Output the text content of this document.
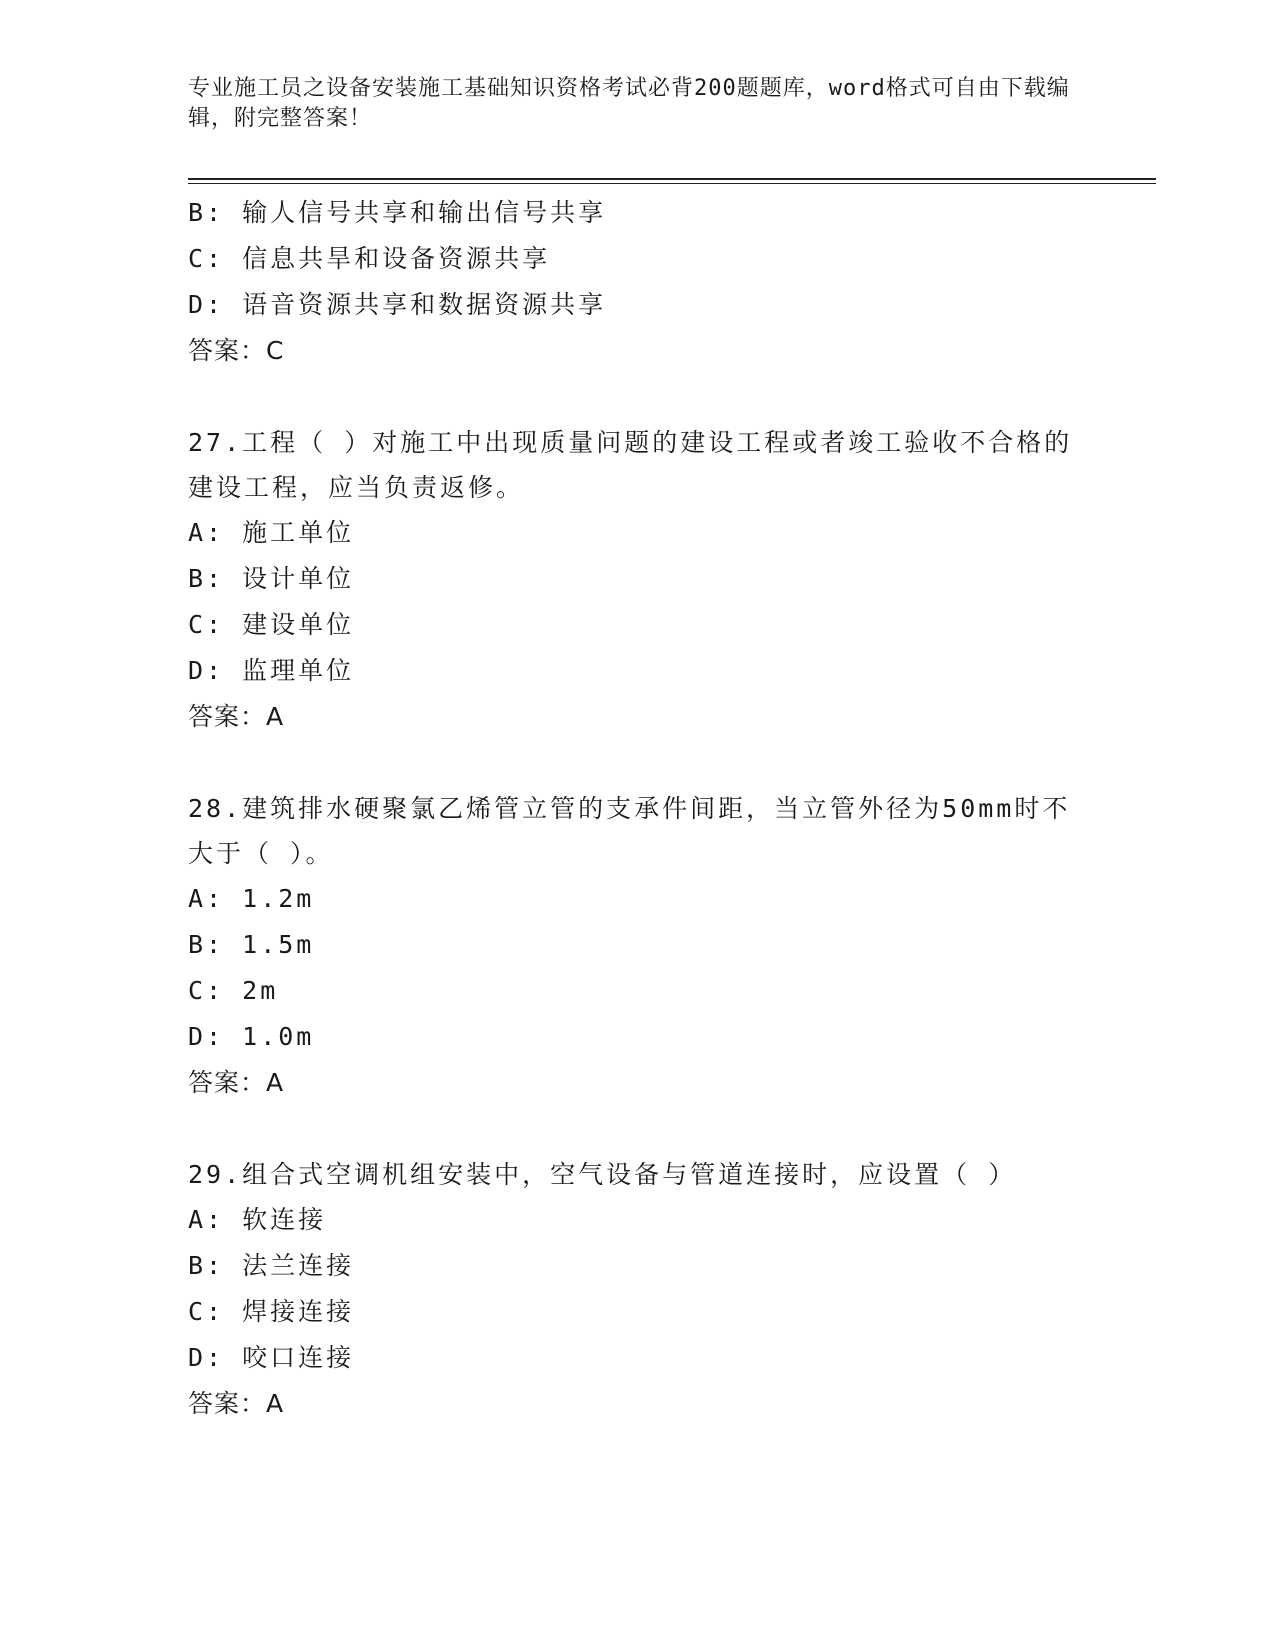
专业施工员之设备安装施工基础知识资格考试必背200题题库，word格式可自由下载编辑，附完整答案！
B: 输人信号共享和输出信号共享
C: 信息共旱和设备资源共享
D: 语音资源共享和数据资源共享
答案：C
27.工程（ ）对施工中出现质量问题的建设工程或者竣工验收不合格的建设工程，应当负责返修。
A: 施工单位
B: 设计单位
C: 建设单位
D: 监理单位
答案：A
28.建筑排水硬聚氯乙烯管立管的支承件间距，当立管外径为50mm时不大于（ ）。
A: 1.2m
B: 1.5m
C: 2m
D: 1.0m
答案：A
29.组合式空调机组安装中，空气设备与管道连接时，应设置（ ）
A: 软连接
B: 法兰连接
C: 焊接连接
D: 咬口连接
答案：A
